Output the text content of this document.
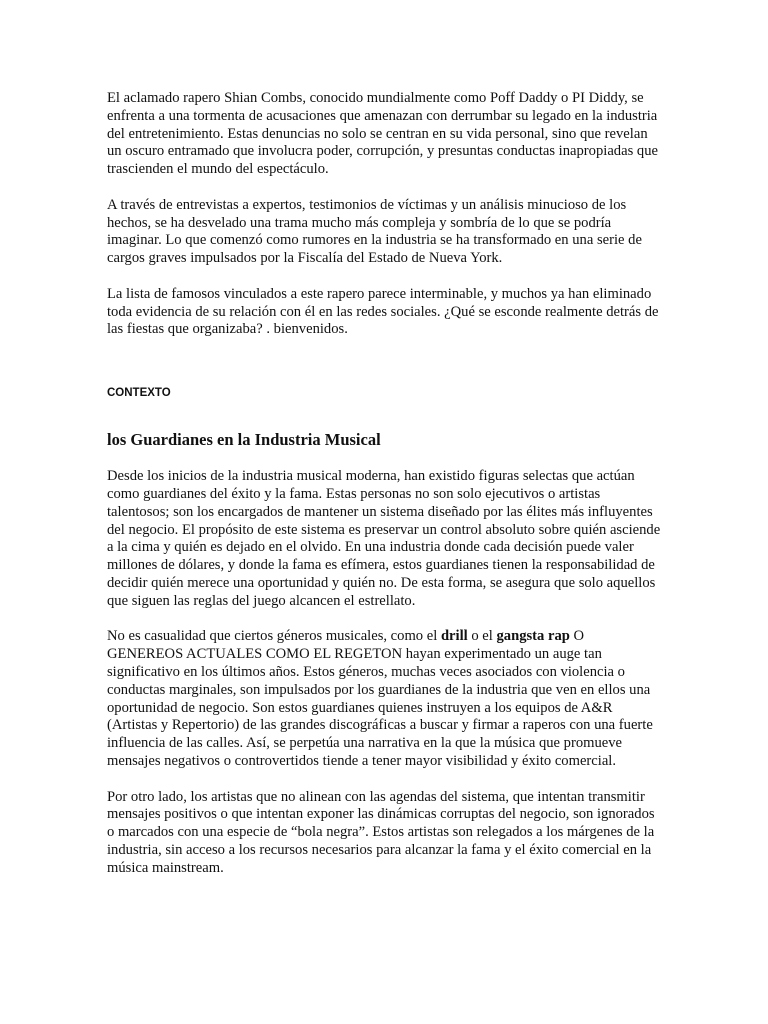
El aclamado rapero Shian Combs, conocido mundialmente como Poff Daddy o PI Diddy, se enfrenta a una tormenta de acusaciones que amenazan con derrumbar su legado en la industria del entretenimiento. Estas denuncias no solo se centran en su vida personal, sino que revelan un oscuro entramado que involucra poder, corrupción, y presuntas conductas inapropiadas que trascienden el mundo del espectáculo.

A través de entrevistas a expertos, testimonios de víctimas y un análisis minucioso de los hechos, se ha desvelado una trama mucho más compleja y sombría de lo que se podría imaginar. Lo que comenzó como rumores en la industria se ha transformado en una serie de cargos graves impulsados por la Fiscalía del Estado de Nueva York.

La lista de famosos vinculados a este rapero parece interminable, y muchos ya han eliminado toda evidencia de su relación con él en las redes sociales. ¿Qué se esconde realmente detrás de las fiestas que organizaba? . bienvenidos.

CONTEXTO
los Guardianes en la Industria Musical

Desde los inicios de la industria musical moderna, han existido figuras selectas que actúan como guardianes del éxito y la fama. Estas personas no son solo ejecutivos o artistas talentosos; son los encargados de mantener un sistema diseñado por las élites más influyentes del negocio. El propósito de este sistema es preservar un control absoluto sobre quién asciende a la cima y quién es dejado en el olvido. En una industria donde cada decisión puede valer millones de dólares, y donde la fama es efímera, estos guardianes tienen la responsabilidad de decidir quién merece una oportunidad y quién no. De esta forma, se asegura que solo aquellos que siguen las reglas del juego alcancen el estrellato.

No es casualidad que ciertos géneros musicales, como el drill o el gangsta rap O GENEREOS ACTUALES COMO EL REGETON hayan experimentado un auge tan significativo en los últimos años. Estos géneros, muchas veces asociados con violencia o conductas marginales, son impulsados por los guardianes de la industria que ven en ellos una oportunidad de negocio. Son estos guardianes quienes instruyen a los equipos de A&R (Artistas y Repertorio) de las grandes discográficas a buscar y firmar a raperos con una fuerte influencia de las calles. Así, se perpetúa una narrativa en la que la música que promueve mensajes negativos o controvertidos tiende a tener mayor visibilidad y éxito comercial.

Por otro lado, los artistas que no alinean con las agendas del sistema, que intentan transmitir mensajes positivos o que intentan exponer las dinámicas corruptas del negocio, son ignorados o marcados con una especie de “bola negra”. Estos artistas son relegados a los márgenes de la industria, sin acceso a los recursos necesarios para alcanzar la fama y el éxito comercial en la música mainstream.
